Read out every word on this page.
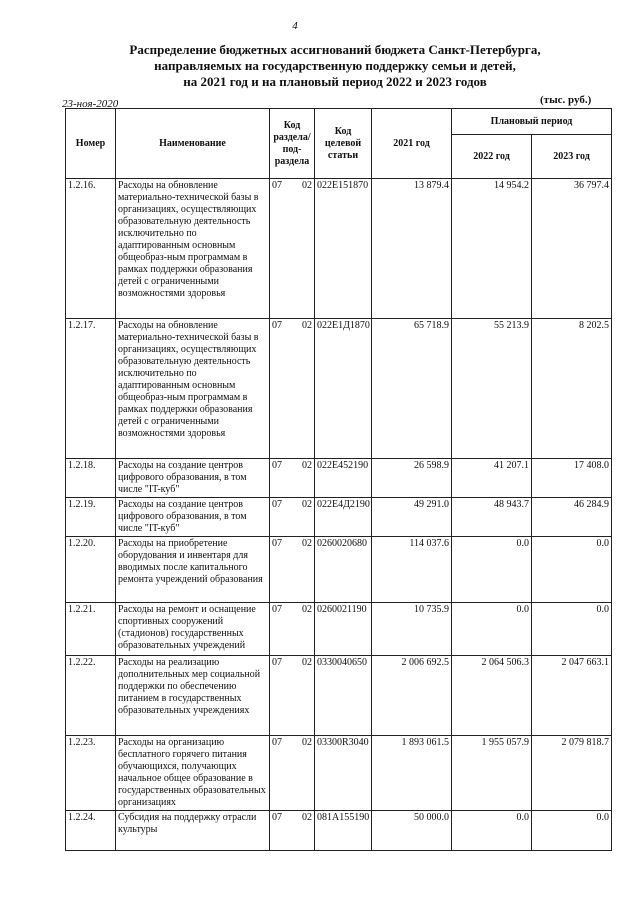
4
Распределение бюджетных ассигнований бюджета Санкт-Петербурга,
направляемых на государственную поддержку семьи и детей,
на 2021 год и на плановый период 2022 и 2023 годов
23-ноя-2020	(тыс. руб.)
Номер	Наименование	Код раздела/ под- раздела	Код целевой статьи	2021 год	Плановый период	
					2022 год	2023 год
1.2.16.	Расходы на обновление материально-технической базы в организациях, осуществляющих образовательную деятельность исключительно по адаптированным основным общеобраз-ным программам в рамках поддержки образования детей с ограниченными возможностями здоровья	07 02	022E151870	13 879.4	14 954.2	36 797.4
1.2.17.	Расходы на обновление материально-технической базы в организациях, осуществляющих образовательную деятельность исключительно по адаптированным основным общеобраз-ным программам в рамках поддержки образования детей с ограниченными возможностями здоровья	07 02	022E1Д1870	65 718.9	55 213.9	8 202.5
1.2.18.	Расходы на создание центров цифрового образования, в том числе "IT-куб"	07 02	022E452190	26 598.9	41 207.1	17 408.0
1.2.19.	Расходы на создание центров цифрового образования, в том числе "IT-куб"	07 02	022E4Д2190	49 291.0	48 943.7	46 284.9
1.2.20.	Расходы на приобретение оборудования и инвентаря для вводимых после капитального ремонта учреждений образования	07 02	0260020680	114 037.6	0.0	0.0
1.2.21.	Расходы на ремонт и оснащение спортивных сооружений (стадионов) государственных образовательных учреждений	07 02	0260021190	10 735.9	0.0	0.0
1.2.22.	Расходы на реализацию дополнительных мер социальной поддержки по обеспечению питанием в государственных образовательных учреждениях	07 02	0330040650	2 006 692.5	2 064 506.3	2 047 663.1
1.2.23.	Расходы на организацию бесплатного горячего питания обучающихся, получающих начальное общее образование в государственных образовательных организациях	07 02	03300R3040	1 893 061.5	1 955 057.9	2 079 818.7
1.2.24.	Субсидия на поддержку отрасли культуры	07 02	081A155190	50 000.0	0.0	0.0
